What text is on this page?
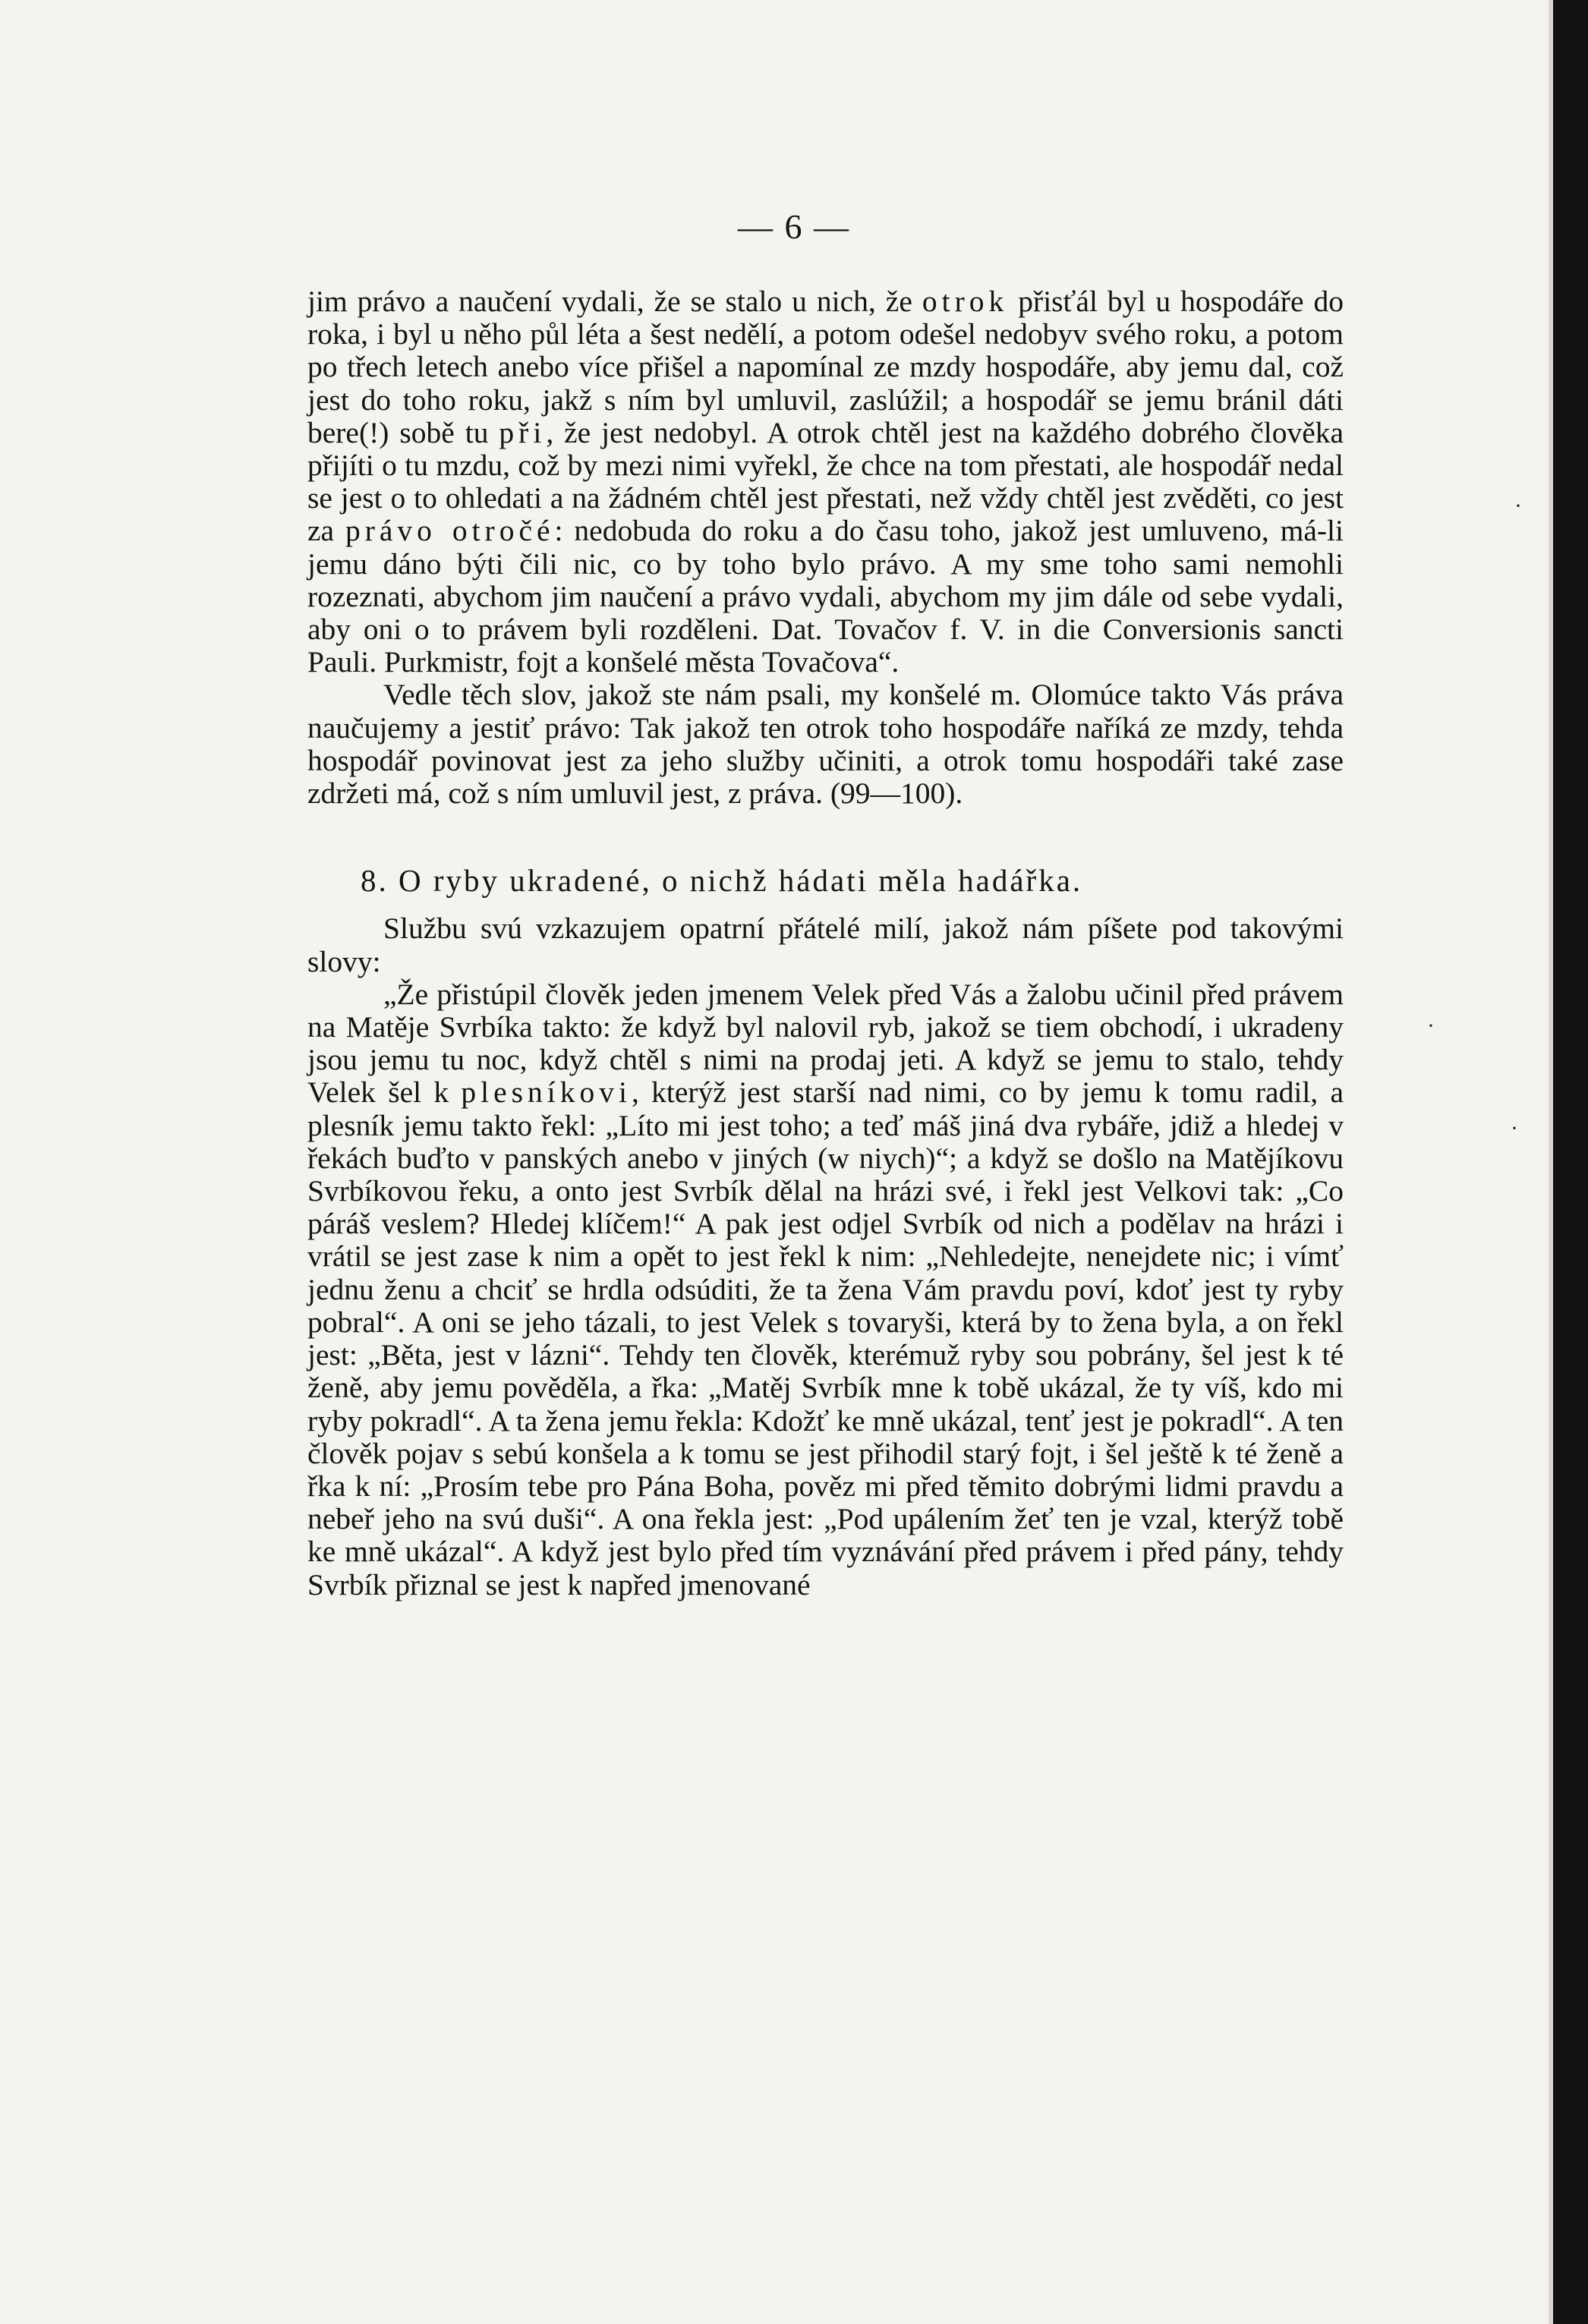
— 6 —

jim právo a naučení vydali, že se stalo u nich, že otrok přisťál byl u hospodáře do roka, i byl u něho půl léta a šest nedělí, a potom odešel nedobyv svého roku, a potom po třech letech anebo více přišel a napomínal ze mzdy hospodáře, aby jemu dal, což jest do toho roku, jakž s ním byl umluvil, zaslúžil; a hospodář se jemu bránil dáti bere(!) sobě tu při, že jest nedobyl. A otrok chtěl jest na každého dobrého člověka přijíti o tu mzdu, což by mezi nimi vyřekl, že chce na tom přestati, ale hospodář nedal se jest o to ohledati a na žádném chtěl jest přestati, než vždy chtěl jest zvěděti, co jest za právo otročé: nedobuda do roku a do času toho, jakož jest umluveno, má-li jemu dáno býti čili nic, co by toho bylo právo. A my sme toho sami nemohli rozeznati, abychom jim naučení a právo vydali, abychom my jim dále od sebe vydali, aby oni o to právem byli rozděleni. Dat. Tovačov f. V. in die Conversionis sancti Pauli. Purkmistr, fojt a konšelé města Tovačova“.

Vedle těch slov, jakož ste nám psali, my konšelé m. Olomúce takto Vás práva naučujemy a jestiť právo: Tak jakož ten otrok toho hospodáře naříká ze mzdy, tehda hospodář povinovat jest za jeho služby učiniti, a otrok tomu hospodáři také zase zdržeti má, což s ním umluvil jest, z práva. (99—100).

8. O ryby ukradené, o nichž hádati měla hadářka.

Službu svú vzkazujem opatrní přátelé milí, jakož nám píšete pod takovými slovy:

„Že přistúpil člověk jeden jmenem Velek před Vás a žalobu učinil před právem na Matěje Svrbíka takto: že když byl nalovil ryb, jakož se tiem obchodí, i ukradeny jsou jemu tu noc, když chtěl s nimi na prodaj jeti. A když se jemu to stalo, tehdy Velek šel k plesníkovi, kterýž jest starší nad nimi, co by jemu k tomu radil, a plesník jemu takto řekl: „Líto mi jest toho; a teď máš jiná dva rybáře, jdiž a hledej v řekách buďto v panských anebo v jiných (w niych)“; a když se došlo na Matějíkovu Svrbíkovou řeku, a onto jest Svrbík dělal na hrázi své, i řekl jest Velkovi tak: „Co páráš veslem? Hledej klíčem!“ A pak jest odjel Svrbík od nich a podělav na hrázi i vrátil se jest zase k nim a opět to jest řekl k nim: „Nehledejte, nenejdete nic; i vímť jednu ženu a chciť se hrdla odsúditi, že ta žena Vám pravdu poví, kdoť jest ty ryby pobral“. A oni se jeho tázali, to jest Velek s tovaryši, která by to žena byla, a on řekl jest: „Běta, jest v lázni“. Tehdy ten člověk, kterémuž ryby sou pobrány, šel jest k té ženě, aby jemu pověděla, a řka: „Matěj Svrbík mne k tobě ukázal, že ty víš, kdo mi ryby pokradl“. A ta žena jemu řekla: Kdožť ke mně ukázal, tenť jest je pokradl“. A ten člověk pojav s sebú konšela a k tomu se jest přihodil starý fojt, i šel ještě k té ženě a řka k ní: „Prosím tebe pro Pána Boha, pověz mi před těmito dobrými lidmi pravdu a nebeř jeho na svú duši“. A ona řekla jest: „Pod upálením žeť ten je vzal, kterýž tobě ke mně ukázal“. A když jest bylo před tím vyznávání před právem i před pány, tehdy Svrbík přiznal se jest k napřed jmenované

·
·
·
